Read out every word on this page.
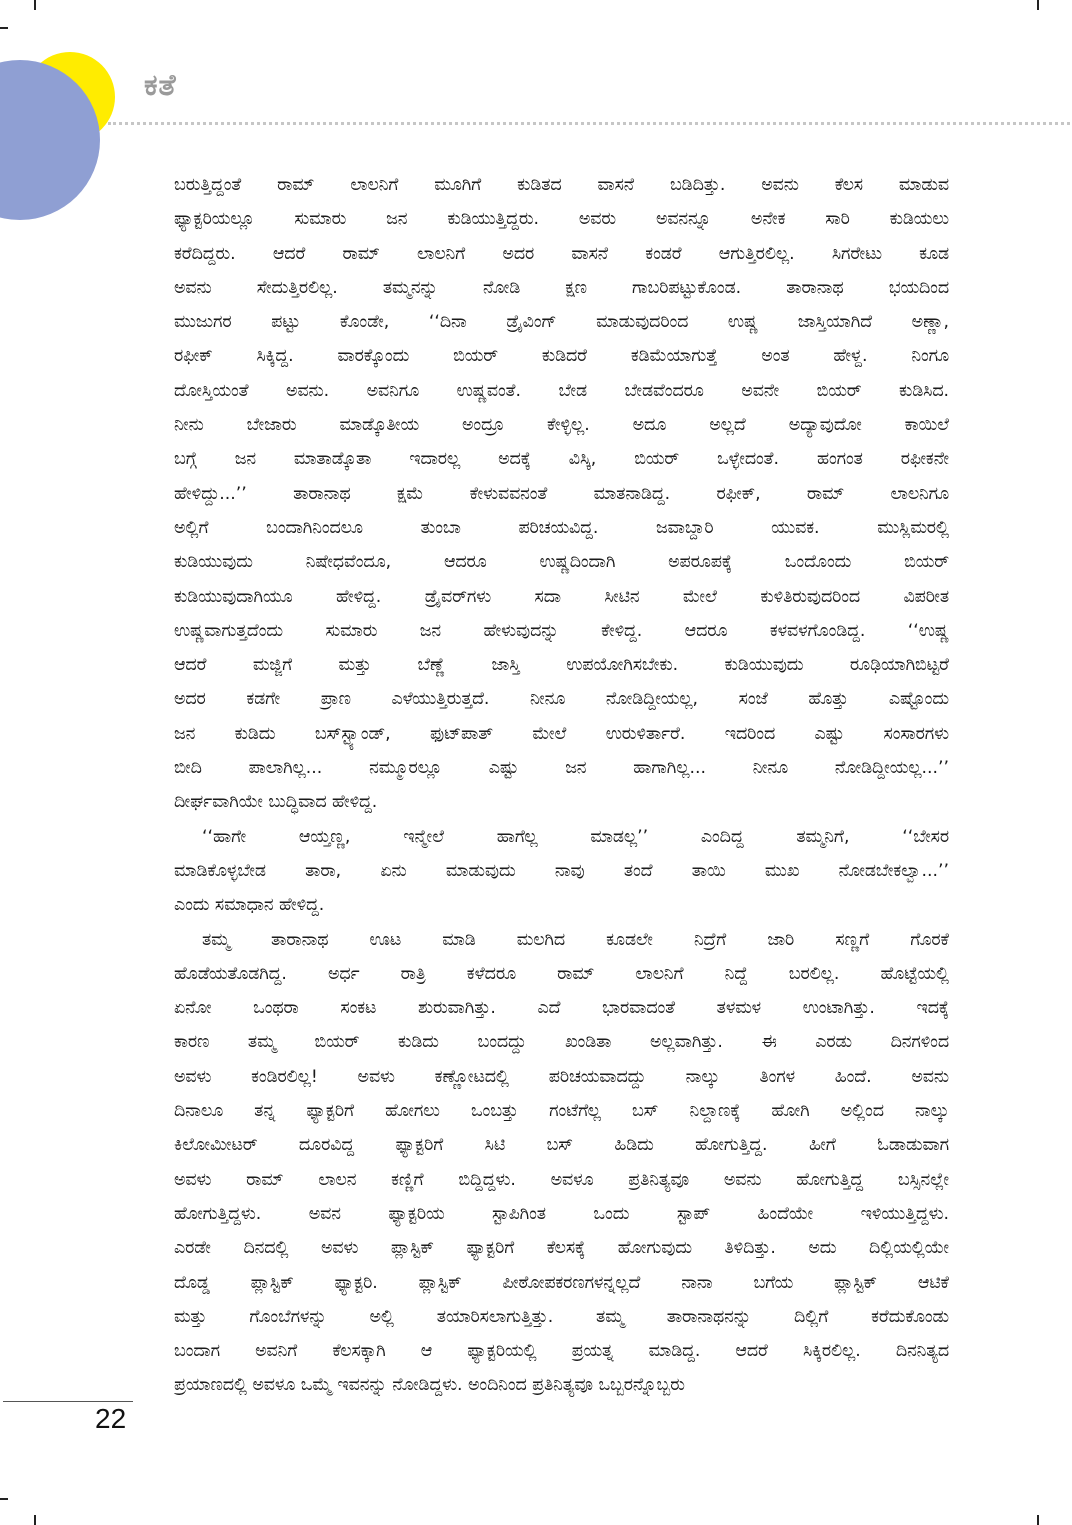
ಕತೆ
ಬರುತ್ತಿದ್ದಂತೆ ರಾಮ್ ಲಾಲನಿಗೆ ಮೂಗಿಗೆ ಕುಡಿತದ ವಾಸನೆ ಬಡಿದಿತ್ತು. ಅವನು ಕೆಲಸ ಮಾಡುವ
ಫ್ಯಾಕ್ಟರಿಯಲ್ಲೂ ಸುಮಾರು ಜನ ಕುಡಿಯುತ್ತಿದ್ದರು. ಅವರು ಅವನನ್ನೂ ಅನೇಕ ಸಾರಿ ಕುಡಿಯಲು
ಕರೆದಿದ್ದರು. ಆದರೆ ರಾಮ್ ಲಾಲನಿಗೆ ಅದರ ವಾಸನೆ ಕಂಡರೆ ಆಗುತ್ತಿರಲಿಲ್ಲ. ಸಿಗರೇಟು ಕೂಡ
ಅವನು ಸೇದುತ್ತಿರಲಿಲ್ಲ. ತಮ್ಮನನ್ನು ನೋಡಿ ಕ್ಷಣ ಗಾಬರಿಪಟ್ಟುಕೊಂಡ. ತಾರಾನಾಥ ಭಯದಿಂದ
ಮುಜುಗರ ಪಟ್ಟು ಕೊಂಡೇ, ‘‘ದಿನಾ ಡ್ರೈವಿಂಗ್ ಮಾಡುವುದರಿಂದ ಉಷ್ಣ ಜಾಸ್ತಿಯಾಗಿದೆ ಅಣ್ಣಾ,
ರಫೀಕ್ ಸಿಕ್ಕಿದ್ದ. ವಾರಕ್ಕೊಂದು ಬಿಯರ್ ಕುಡಿದರೆ ಕಡಿಮೆಯಾಗುತ್ತೆ ಅಂತ ಹೇಳ್ದ. ನಿಂಗೂ
ದೋಸ್ತಿಯಂತೆ ಅವನು. ಅವನಿಗೂ ಉಷ್ಣವಂತೆ. ಬೇಡ ಬೇಡವೆಂದರೂ ಅವನೇ ಬಿಯರ್ ಕುಡಿಸಿದ.
ನೀನು ಬೇಜಾರು ಮಾಡ್ಕೊತೀಯ ಅಂದ್ರೂ ಕೇಳ್ಳಿಲ್ಲ. ಅದೂ ಅಲ್ಲದೆ ಅದ್ಯಾವುದೋ ಕಾಯಿಲೆ
ಬಗ್ಗೆ ಜನ ಮಾತಾಡ್ಕೊತಾ ಇದಾರಲ್ಲ ಅದಕ್ಕೆ ವಿಸ್ಕಿ, ಬಿಯರ್ ಒಳ್ಳೇದಂತೆ. ಹಂಗಂತ ರಫೀಕನೇ
ಹೇಳಿದ್ದು...’’ ತಾರಾನಾಥ ಕ್ಷಮೆ ಕೇಳುವವನಂತೆ ಮಾತನಾಡಿದ್ದ. ರಫೀಕ್, ರಾಮ್ ಲಾಲನಿಗೂ
ಅಲ್ಲಿಗೆ ಬಂದಾಗಿನಿಂದಲೂ ತುಂಬಾ ಪರಿಚಯವಿದ್ದ. ಜವಾಬ್ದಾರಿ ಯುವಕ. ಮುಸ್ಲಿಮರಲ್ಲಿ
ಕುಡಿಯುವುದು ನಿಷೇಧವೆಂದೂ, ಆದರೂ ಉಷ್ಣದಿಂದಾಗಿ ಅಪರೂಪಕ್ಕೆ ಒಂದೊಂದು ಬಿಯರ್
ಕುಡಿಯುವುದಾಗಿಯೂ ಹೇಳಿದ್ದ. ಡ್ರೈವರ್‌ಗಳು ಸದಾ ಸೀಟಿನ ಮೇಲೆ ಕುಳಿತಿರುವುದರಿಂದ ವಿಪರೀತ
ಉಷ್ಣವಾಗುತ್ತದೆಂದು ಸುಮಾರು ಜನ ಹೇಳುವುದನ್ನು ಕೇಳಿದ್ದ. ಆದರೂ ಕಳವಳಗೊಂಡಿದ್ದ. ‘‘ಉಷ್ಣ
ಆದರೆ ಮಜ್ಜಿಗೆ ಮತ್ತು ಬೆಣ್ಣೆ ಜಾಸ್ತಿ ಉಪಯೋಗಿಸಬೇಕು. ಕುಡಿಯುವುದು ರೂಢಿಯಾಗಿಬಿಟ್ಟರೆ
ಅದರ ಕಡಗೇ ಪ್ರಾಣ ಎಳೆಯುತ್ತಿರುತ್ತದೆ. ನೀನೂ ನೋಡಿದ್ದೀಯಲ್ಲ, ಸಂಜೆ ಹೊತ್ತು ಎಷ್ಟೊಂದು
ಜನ ಕುಡಿದು ಬಸ್‌ಸ್ಟ್ಯಾಂಡ್, ಫುಟ್‌ಪಾತ್ ಮೇಲೆ ಉರುಳಿರ್ತಾರೆ. ಇದರಿಂದ ಎಷ್ಟು ಸಂಸಾರಗಳು
ಬೀದಿ ಪಾಲಾಗಿಲ್ಲ... ನಮ್ಮೂರಲ್ಲೂ ಎಷ್ಟು ಜನ ಹಾಗಾಗಿಲ್ಲ... ನೀನೂ ನೋಡಿದ್ದೀಯಲ್ಲ...’’
ದೀರ್ಘವಾಗಿಯೇ ಬುದ್ಧಿವಾದ ಹೇಳಿದ್ದ.
‘‘ಹಾಗೇ ಆಯ್ತಣ್ಣ, ಇನ್ಮೇಲೆ ಹಾಗೆಲ್ಲ ಮಾಡಲ್ಲ’’ ಎಂದಿದ್ದ ತಮ್ಮನಿಗೆ, ‘‘ಬೇಸರ
ಮಾಡಿಕೊಳ್ಳಬೇಡ ತಾರಾ, ಏನು ಮಾಡುವುದು ನಾವು ತಂದೆ ತಾಯಿ ಮುಖ ನೋಡಬೇಕಲ್ವಾ...’’
ಎಂದು ಸಮಾಧಾನ ಹೇಳಿದ್ದ.
ತಮ್ಮ ತಾರಾನಾಥ ಊಟ ಮಾಡಿ ಮಲಗಿದ ಕೂಡಲೇ ನಿದ್ರೆಗೆ ಜಾರಿ ಸಣ್ಣಗೆ ಗೊರಕೆ
ಹೊಡೆಯತೊಡಗಿದ್ದ. ಅರ್ಧ ರಾತ್ರಿ ಕಳೆದರೂ ರಾಮ್ ಲಾಲನಿಗೆ ನಿದ್ದೆ ಬರಲಿಲ್ಲ. ಹೊಟ್ಟೆಯಲ್ಲಿ
ಏನೋ ಒಂಥರಾ ಸಂಕಟ ಶುರುವಾಗಿತ್ತು. ಎದೆ ಭಾರವಾದಂತೆ ತಳಮಳ ಉಂಟಾಗಿತ್ತು. ಇದಕ್ಕೆ
ಕಾರಣ ತಮ್ಮ ಬಿಯರ್ ಕುಡಿದು ಬಂದದ್ದು ಖಂಡಿತಾ ಅಲ್ಲವಾಗಿತ್ತು. ಈ ಎರಡು ದಿನಗಳಿಂದ
ಅವಳು ಕಂಡಿರಲಿಲ್ಲ! ಅವಳು ಕಣ್ಣೋಟದಲ್ಲಿ ಪರಿಚಯವಾದದ್ದು ನಾಲ್ಕು ತಿಂಗಳ ಹಿಂದೆ. ಅವನು
ದಿನಾಲೂ ತನ್ನ ಫ್ಯಾಕ್ಟರಿಗೆ ಹೋಗಲು ಒಂಬತ್ತು ಗಂಟೆಗೆಲ್ಲ ಬಸ್ ನಿಲ್ದಾಣಕ್ಕೆ ಹೋಗಿ ಅಲ್ಲಿಂದ ನಾಲ್ಕು
ಕಿಲೋಮೀಟರ್ ದೂರವಿದ್ದ ಫ್ಯಾಕ್ಟರಿಗೆ ಸಿಟಿ ಬಸ್ ಹಿಡಿದು ಹೋಗುತ್ತಿದ್ದ. ಹೀಗೆ ಓಡಾಡುವಾಗ
ಅವಳು ರಾಮ್ ಲಾಲನ ಕಣ್ಣಿಗೆ ಬಿದ್ದಿದ್ದಳು. ಅವಳೂ ಪ್ರತಿನಿತ್ಯವೂ ಅವನು ಹೋಗುತ್ತಿದ್ದ ಬಸ್ಸಿನಲ್ಲೇ
ಹೋಗುತ್ತಿದ್ದಳು. ಅವನ ಫ್ಯಾಕ್ಟರಿಯ ಸ್ಟಾಪಿಗಿಂತ ಒಂದು ಸ್ಟಾಪ್ ಹಿಂದೆಯೇ ಇಳಿಯುತ್ತಿದ್ದಳು.
ಎರಡೇ ದಿನದಲ್ಲಿ ಅವಳು ಪ್ಲಾಸ್ಟಿಕ್ ಫ್ಯಾಕ್ಟರಿಗೆ ಕೆಲಸಕ್ಕೆ ಹೋಗುವುದು ತಿಳಿದಿತ್ತು. ಅದು ದಿಲ್ಲಿಯಲ್ಲಿಯೇ
ದೊಡ್ಡ ಪ್ಲಾಸ್ಟಿಕ್ ಫ್ಯಾಕ್ಟರಿ. ಪ್ಲಾಸ್ಟಿಕ್ ಪೀಠೋಪಕರಣಗಳನ್ನಲ್ಲದೆ ನಾನಾ ಬಗೆಯ ಪ್ಲಾಸ್ಟಿಕ್ ಆಟಿಕೆ
ಮತ್ತು ಗೊಂಬೆಗಳನ್ನು ಅಲ್ಲಿ ತಯಾರಿಸಲಾಗುತ್ತಿತ್ತು. ತಮ್ಮ ತಾರಾನಾಥನನ್ನು ದಿಲ್ಲಿಗೆ ಕರೆದುಕೊಂಡು
ಬಂದಾಗ ಅವನಿಗೆ ಕೆಲಸಕ್ಕಾಗಿ ಆ ಫ್ಯಾಕ್ಟರಿಯಲ್ಲಿ ಪ್ರಯತ್ನ ಮಾಡಿದ್ದ. ಆದರೆ ಸಿಕ್ಕಿರಲಿಲ್ಲ. ದಿನನಿತ್ಯದ
ಪ್ರಯಾಣದಲ್ಲಿ ಅವಳೂ ಒಮ್ಮೆ ಇವನನ್ನು ನೋಡಿದ್ದಳು. ಅಂದಿನಿಂದ ಪ್ರತಿನಿತ್ಯವೂ ಒಬ್ಬರನ್ನೊಬ್ಬರು
22
